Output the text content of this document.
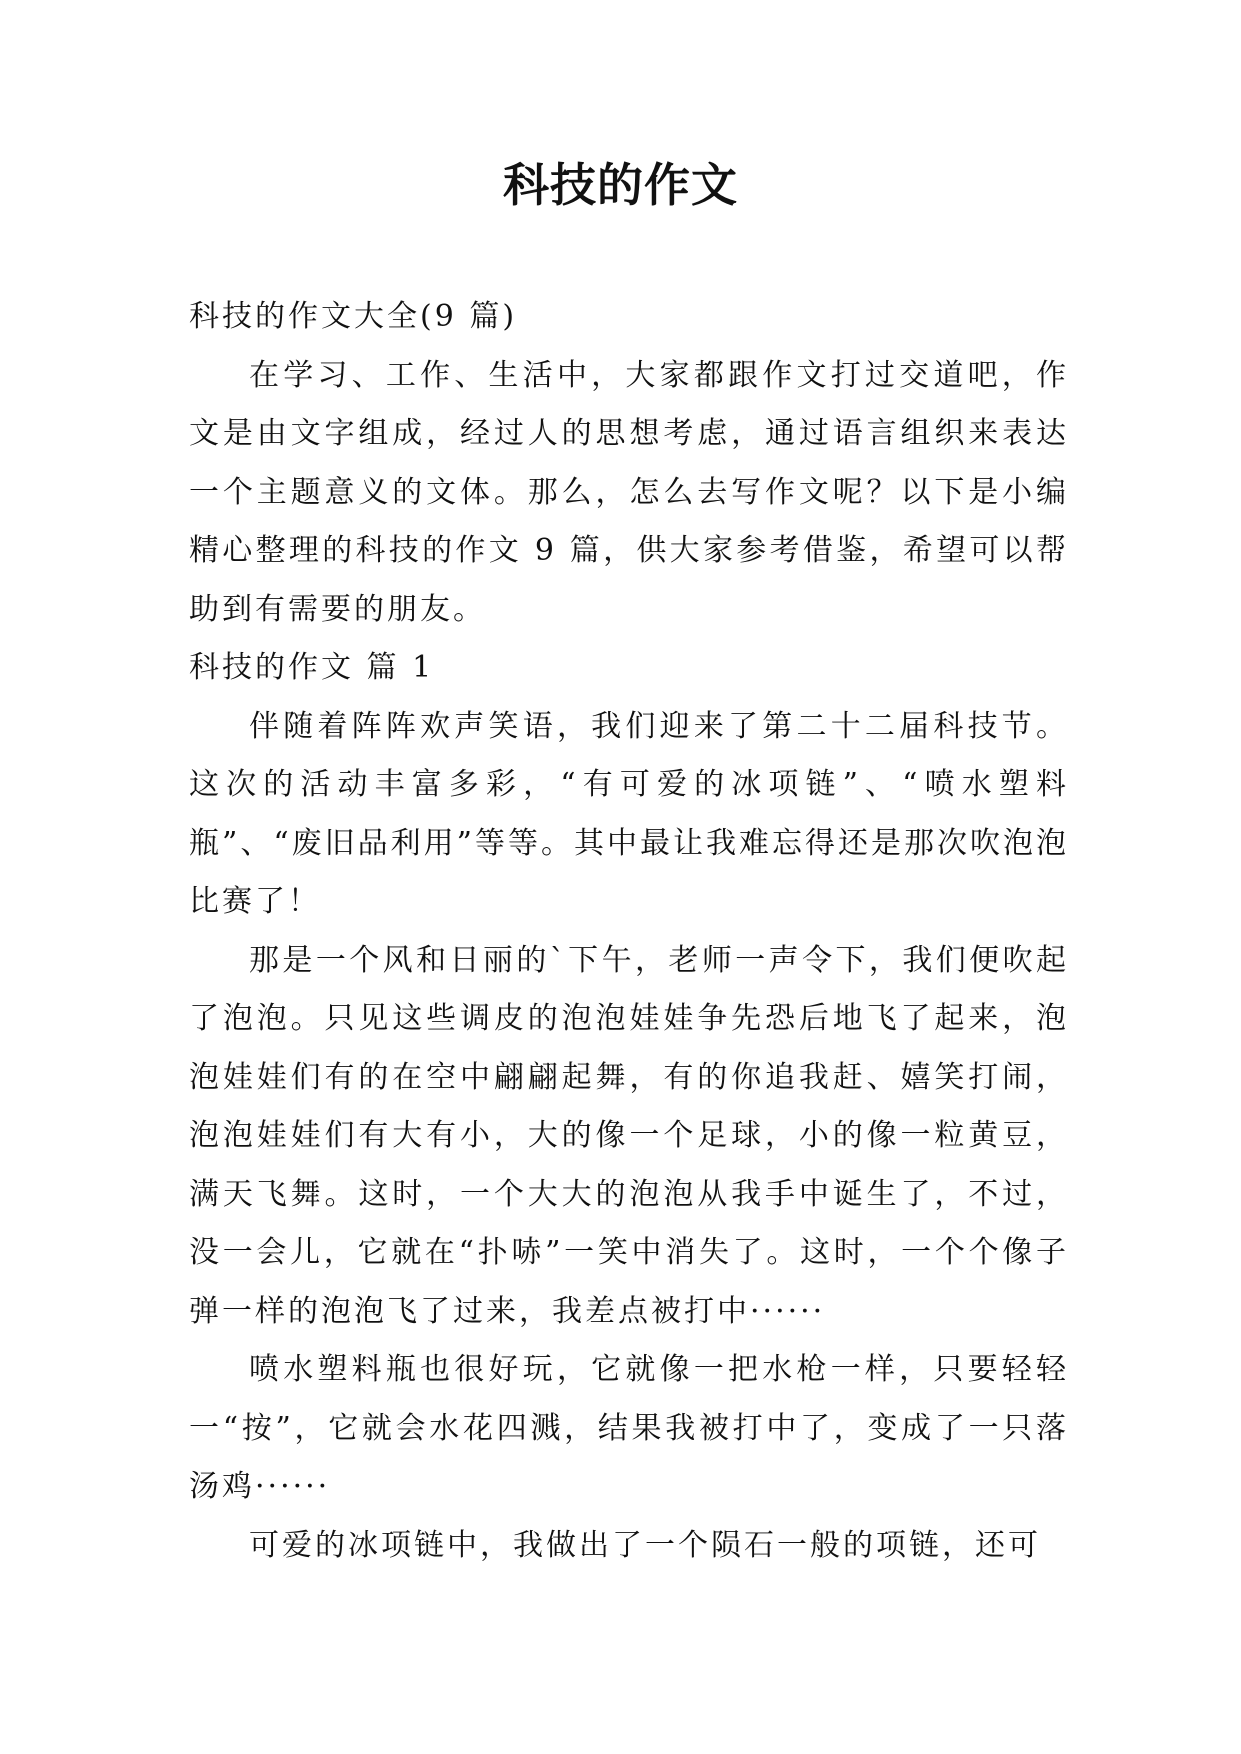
科技的作文

科技的作文大全(9 篇)

在学习、工作、生活中，大家都跟作文打过交道吧，作文是由文字组成，经过人的思想考虑，通过语言组织来表达一个主题意义的文体。那么，怎么去写作文呢？以下是小编精心整理的科技的作文 9 篇，供大家参考借鉴，希望可以帮助到有需要的朋友。

科技的作文 篇 1

伴随着阵阵欢声笑语，我们迎来了第二十二届科技节。这次的活动丰富多彩，“有可爱的冰项链”、“喷水塑料瓶”、“废旧品利用”等等。其中最让我难忘得还是那次吹泡泡比赛了！

那是一个风和日丽的`下午，老师一声令下，我们便吹起了泡泡。只见这些调皮的泡泡娃娃争先恐后地飞了起来，泡泡娃娃们有的在空中翩翩起舞，有的你追我赶、嬉笑打闹，泡泡娃娃们有大有小，大的像一个足球，小的像一粒黄豆，满天飞舞。这时，一个大大的泡泡从我手中诞生了，不过，没一会儿，它就在“扑哧”一笑中消失了。这时，一个个像子弹一样的泡泡飞了过来，我差点被打中······

喷水塑料瓶也很好玩，它就像一把水枪一样，只要轻轻一“按”，它就会水花四溅，结果我被打中了，变成了一只落汤鸡······

可爱的冰项链中，我做出了一个陨石一般的项链，还可
